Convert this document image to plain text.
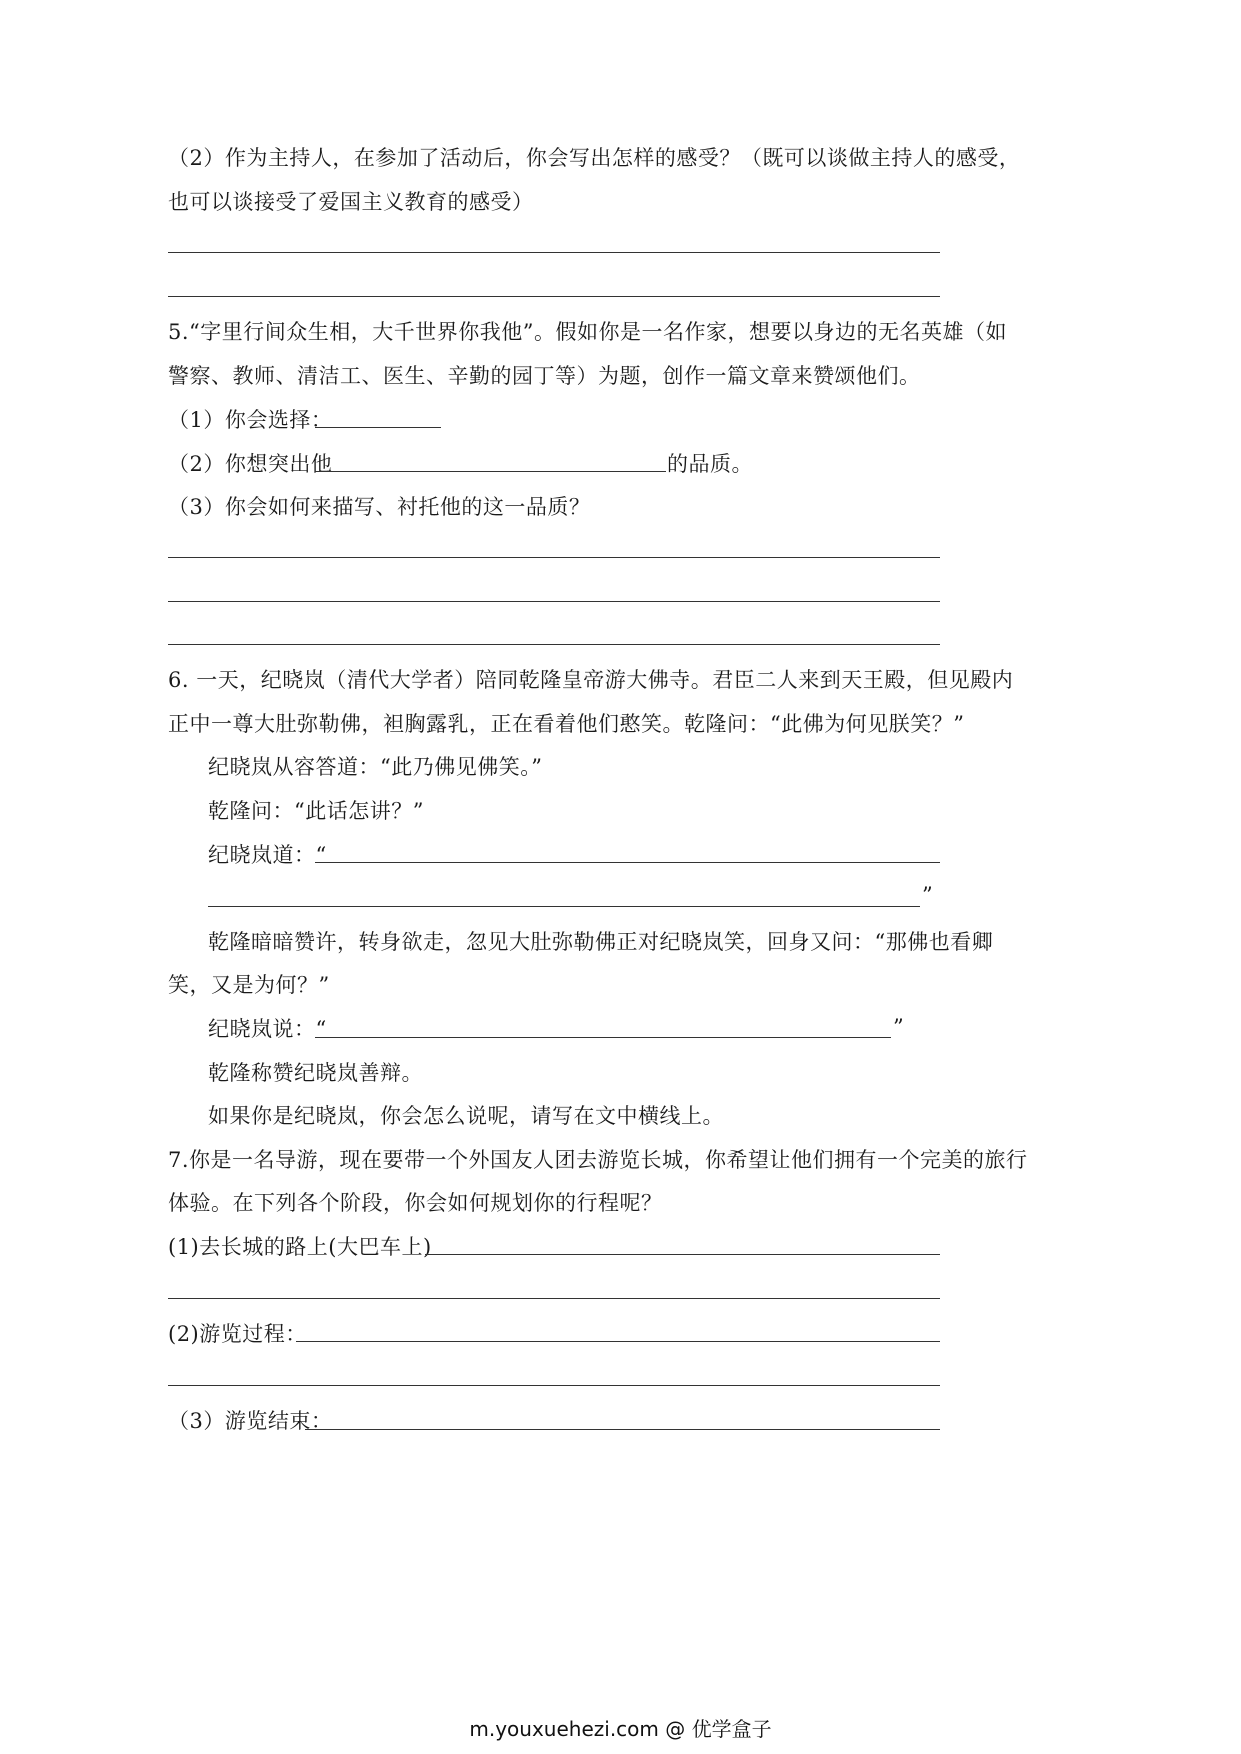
（2）作为主持人，在参加了活动后，你会写出怎样的感受？（既可以谈做主持人的感受，
也可以谈接受了爱国主义教育的感受）
5.“字里行间众生相，大千世界你我他”。假如你是一名作家，想要以身边的无名英雄（如
警察、教师、清洁工、医生、辛勤的园丁等）为题，创作一篇文章来赞颂他们。
（1）你会选择：
（2）你想突出他	的品质。
（3）你会如何来描写、衬托他的这一品质？
6. 一天，纪晓岚（清代大学者）陪同乾隆皇帝游大佛寺。君臣二人来到天王殿，但见殿内
正中一尊大肚弥勒佛，袒胸露乳，正在看着他们憨笑。乾隆问：“此佛为何见朕笑？”
纪晓岚从容答道：“此乃佛见佛笑。”
乾隆问：“此话怎讲？”
纪晓岚道：“
”
乾隆暗暗赞许，转身欲走，忽见大肚弥勒佛正对纪晓岚笑，回身又问：“那佛也看卿
笑，又是为何？”
纪晓岚说：“	”
乾隆称赞纪晓岚善辩。
如果你是纪晓岚，你会怎么说呢，请写在文中横线上。
7.你是一名导游，现在要带一个外国友人团去游览长城，你希望让他们拥有一个完美的旅行
体验。在下列各个阶段，你会如何规划你的行程呢？
(1)去长城的路上(大巴车上)
(2)游览过程：
（3）游览结束：
m.youxuehezi.com @ 优学盒子
